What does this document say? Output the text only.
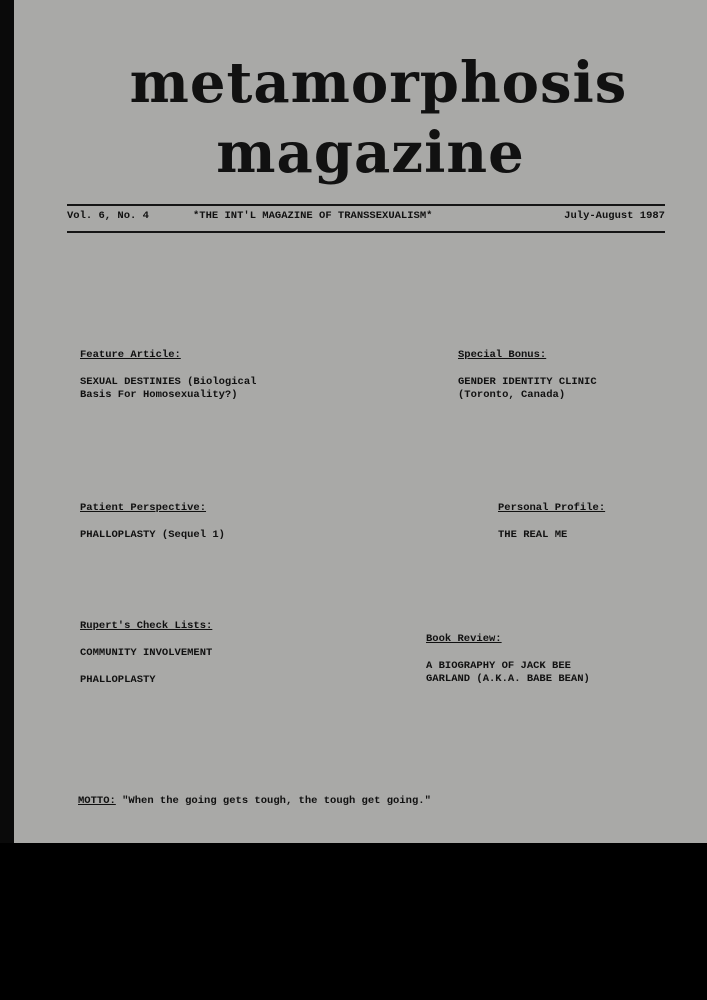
metamorphosis
magazine
Vol. 6, No. 4	*THE INT'L MAGAZINE OF TRANSSEXUALISM*	July-August 1987
Feature Article:
SEXUAL DESTINIES (Biological
Basis For Homosexuality?)
Special Bonus:
GENDER IDENTITY CLINIC
(Toronto, Canada)
Patient Perspective:
PHALLOPLASTY (Sequel 1)
Personal Profile:
THE REAL ME
Rupert's Check Lists:
COMMUNITY INVOLVEMENT
PHALLOPLASTY
Book Review:
A BIOGRAPHY OF JACK BEE
GARLAND (A.K.A. BABE BEAN)
MOTTO: "When the going gets tough, the tough get going."
